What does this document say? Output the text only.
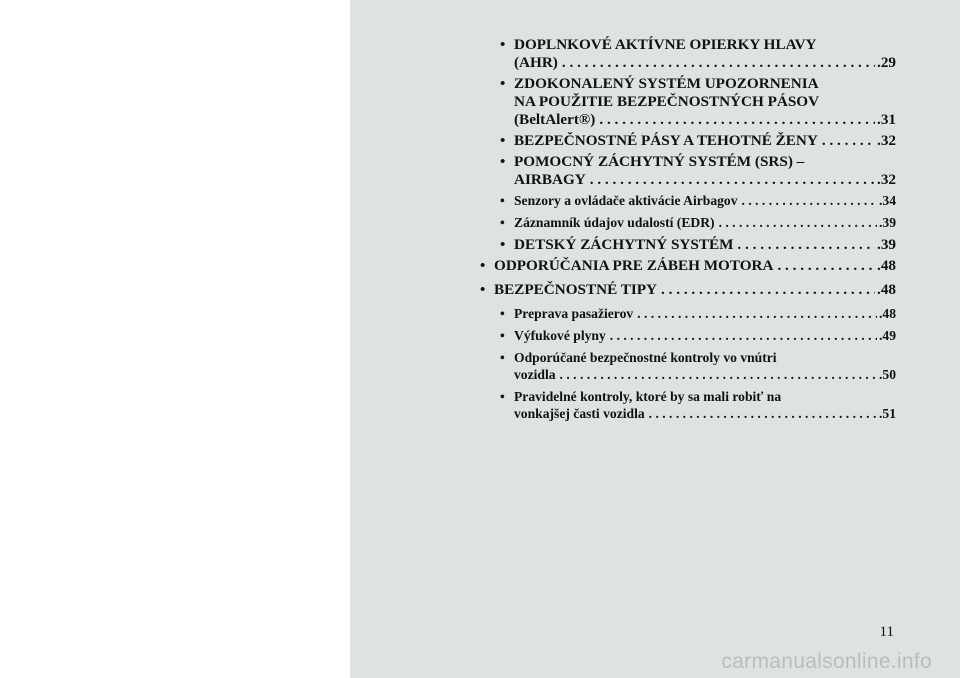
• DOPLNKOVÉ AKTÍVNE OPIERKY HLAVY
(AHR) . . .	.29
• ZDOKONALENÝ SYSTÉM UPOZORNENIA
NA POUŽITIE BEZPEČNOSTNÝCH PÁSOV
(BeltAlert®) . . .	.31
• BEZPEČNOSTNÉ PÁSY A TEHOTNÉ ŽENY . . .	.32
• POMOCNÝ ZÁCHYTNÝ SYSTÉM (SRS) –
AIRBAGY . . .	.32
• Senzory a ovládače aktivácie Airbagov . . .	.34
• Záznamník údajov udalostí (EDR) . . .	.39
• DETSKÝ ZÁCHYTNÝ SYSTÉM . . .	.39
• ODPORÚČANIA PRE ZÁBEH MOTORA . . .	.48
• BEZPEČNOSTNÉ TIPY . . .	.48
• Preprava pasažierov . . .	.48
• Výfukové plyny . . .	.49
• Odporúčané bezpečnostné kontroly vo vnútri
vozidla . . .	.50
• Pravidelné kontroly, ktoré by sa mali robiť na
vonkajšej časti vozidla . . .	.51
11
carmanualsonline.info
